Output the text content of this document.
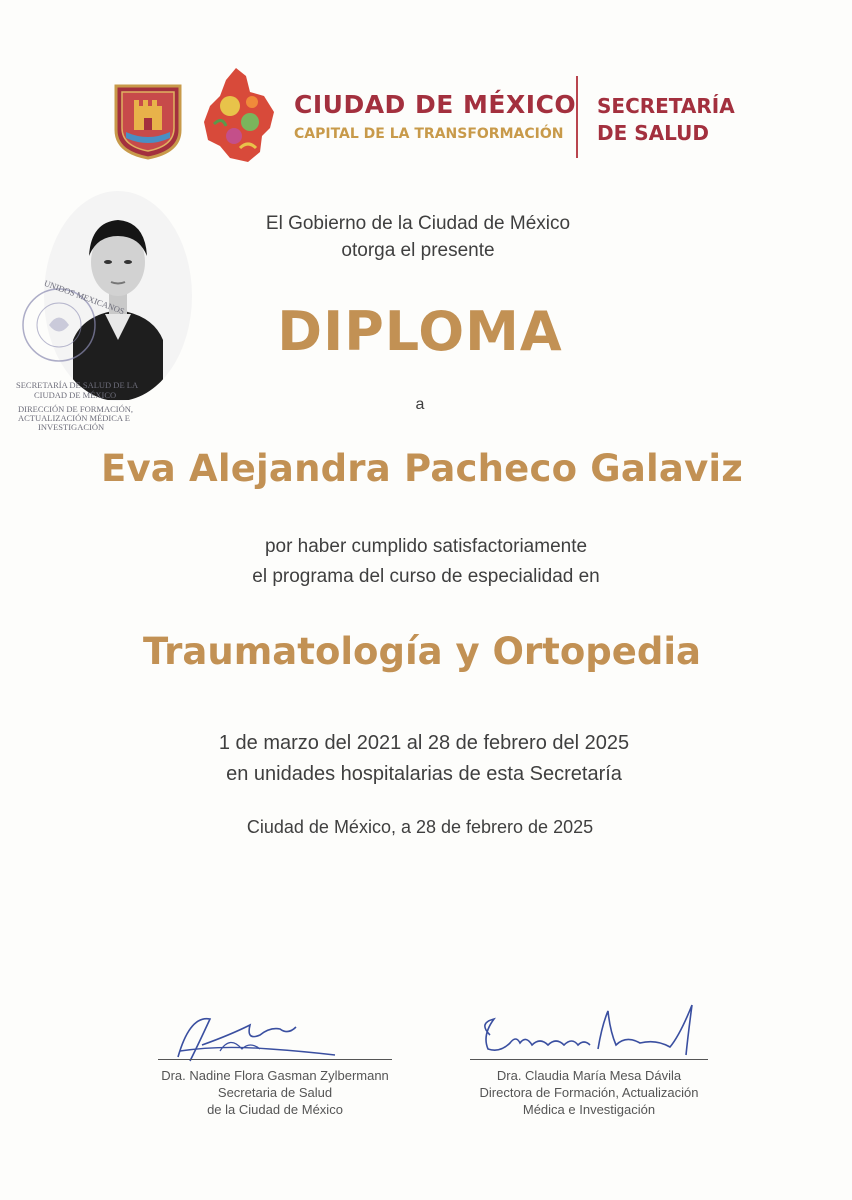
CIUDAD DE MÉXICO
CAPITAL DE LA TRANSFORMACIÓN
SECRETARÍA
DE SALUD
UNIDOS MEXICANOS
SECRETARÍA DE SALUD DE LA
CIUDAD DE MÉXICO
DIRECCIÓN DE FORMACIÓN,
ACTUALIZACIÓN MÉDICA E
INVESTIGACIÓN
El Gobierno de la Ciudad de México
otorga el presente
DIPLOMA
a
Eva Alejandra Pacheco Galaviz
por haber cumplido satisfactoriamente
el programa del curso de especialidad en
Traumatología y Ortopedia
1 de marzo del 2021 al 28 de febrero del 2025
en unidades hospitalarias de esta Secretaría
Ciudad de México, a 28 de febrero de 2025
Dra. Nadine Flora Gasman Zylbermann
Secretaria de Salud
de la Ciudad de México
Dra. Claudia María Mesa Dávila
Directora de Formación, Actualización
Médica e Investigación
